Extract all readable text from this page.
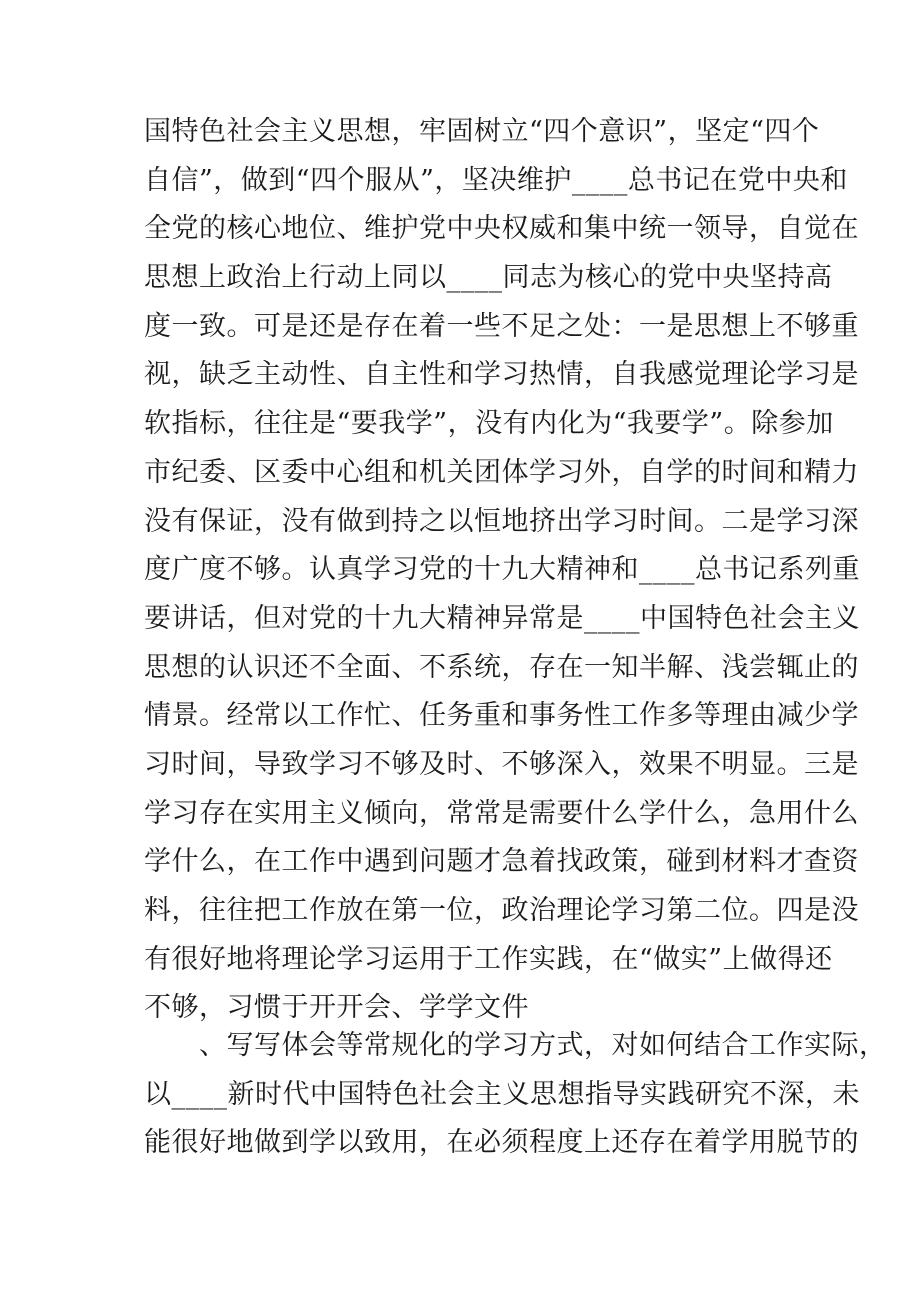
国特色社会主义思想，牢固树立“四个意识”，坚定“四个
自信”，做到“四个服从”，坚决维护____总书记在党中央和
全党的核心地位、维护党中央权威和集中统一领导，自觉在
思想上政治上行动上同以____同志为核心的党中央坚持高
度一致。可是还是存在着一些不足之处：一是思想上不够重
视，缺乏主动性、自主性和学习热情，自我感觉理论学习是
软指标，往往是“要我学”，没有内化为“我要学”。除参加
市纪委、区委中心组和机关团体学习外，自学的时间和精力
没有保证，没有做到持之以恒地挤出学习时间。二是学习深
度广度不够。认真学习党的十九大精神和____总书记系列重
要讲话，但对党的十九大精神异常是____中国特色社会主义
思想的认识还不全面、不系统，存在一知半解、浅尝辄止的
情景。经常以工作忙、任务重和事务性工作多等理由减少学
习时间，导致学习不够及时、不够深入，效果不明显。三是
学习存在实用主义倾向，常常是需要什么学什么，急用什么
学什么，在工作中遇到问题才急着找政策，碰到材料才查资
料，往往把工作放在第一位，政治理论学习第二位。四是没
有很好地将理论学习运用于工作实践，在“做实”上做得还
不够，习惯于开开会、学学文件
　　、写写体会等常规化的学习方式，对如何结合工作实际，
以____新时代中国特色社会主义思想指导实践研究不深，未
能很好地做到学以致用，在必须程度上还存在着学用脱节的
